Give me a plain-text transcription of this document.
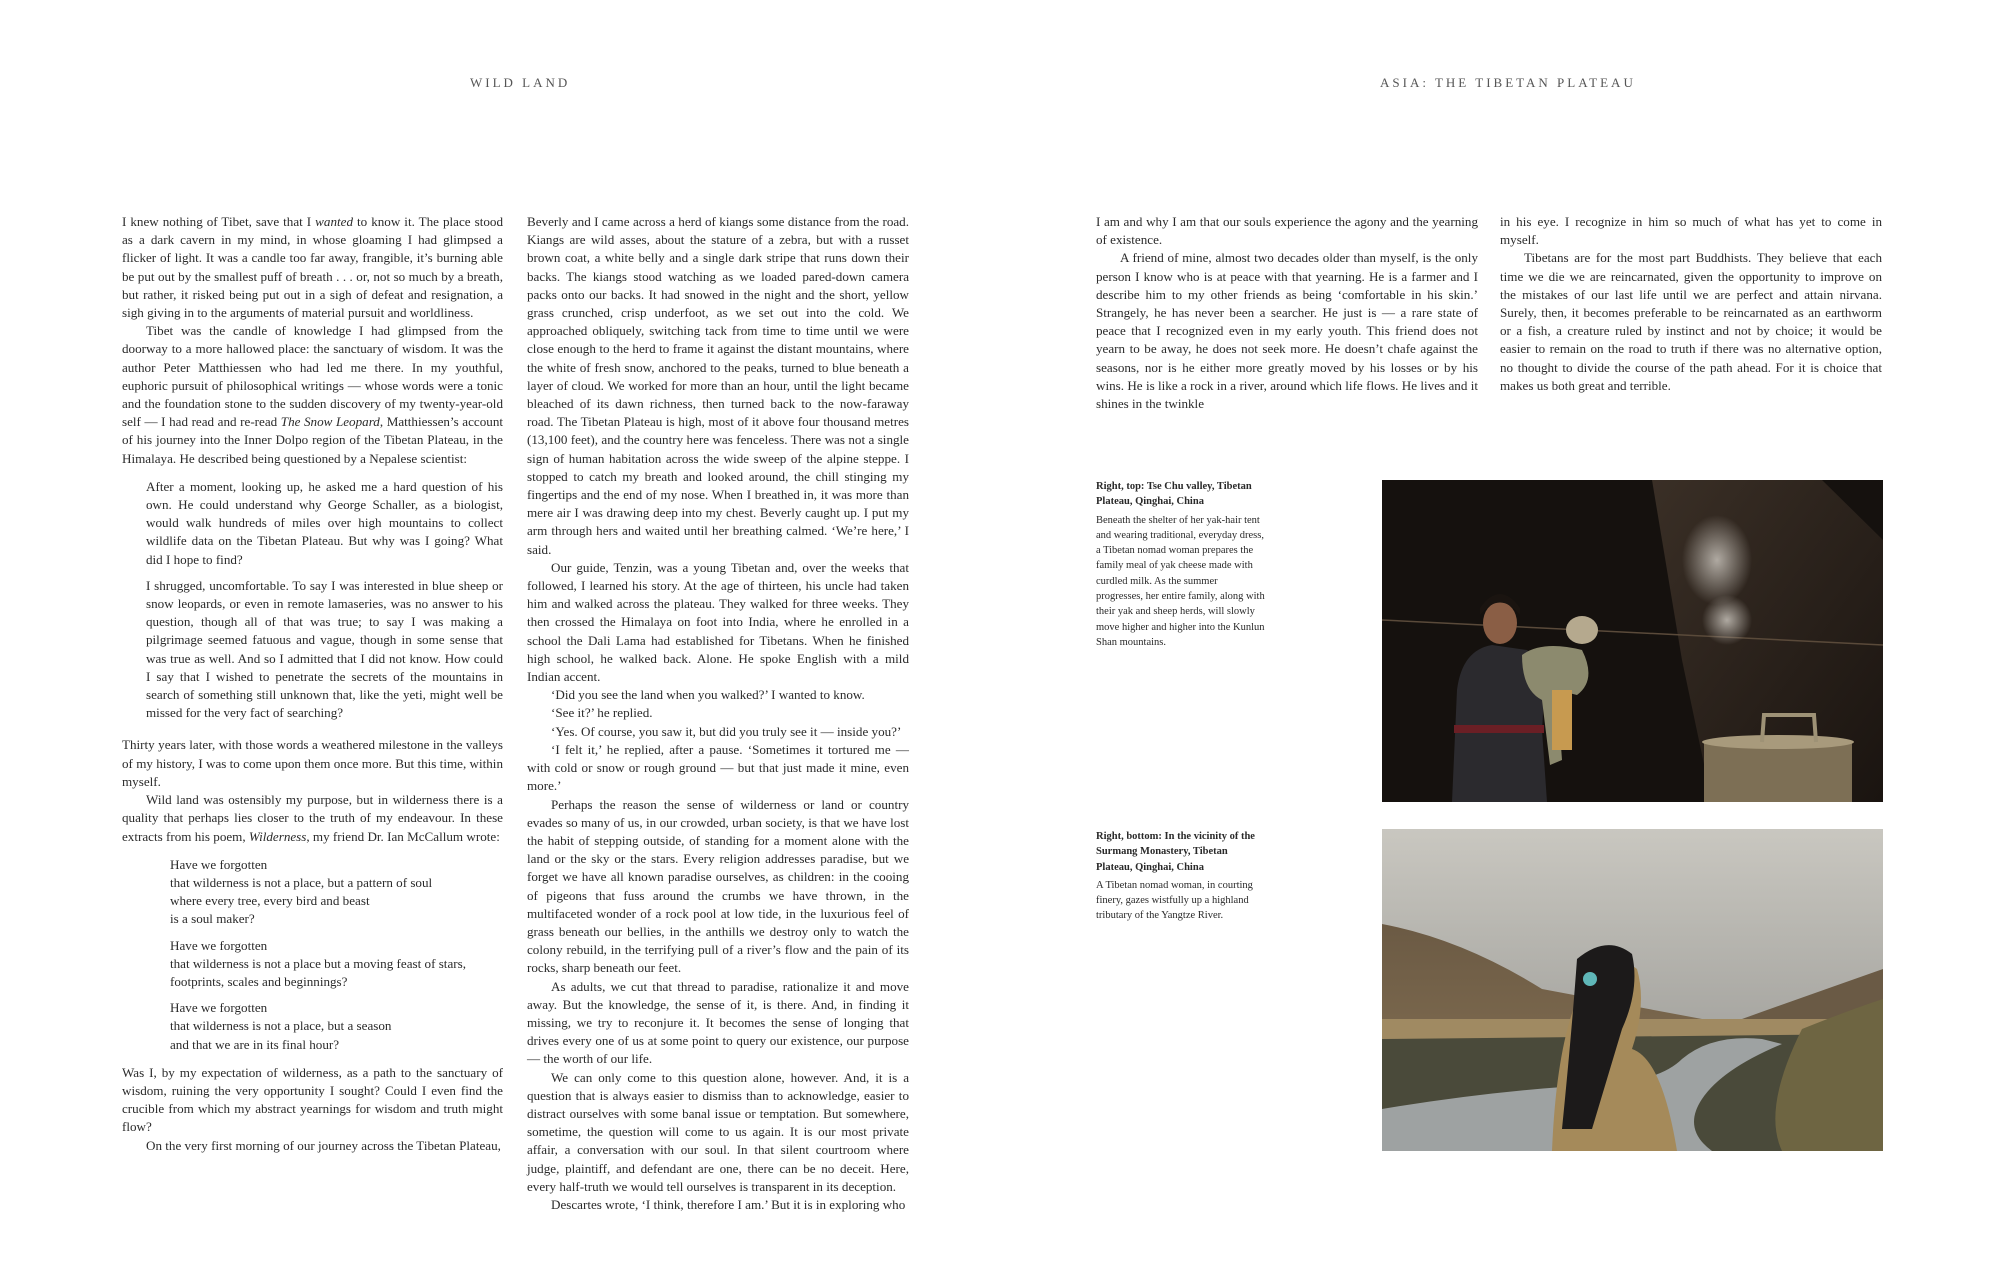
WILD LAND	ASIA: THE TIBETAN PLATEAU

I knew nothing of Tibet, save that I wanted to know it. The place stood as a dark cavern in my mind, in whose gloaming I had glimpsed a flicker of light. It was a candle too far away, frangible, it’s burning able be put out by the smallest puff of breath . . . or, not so much by a breath, but rather, it risked being put out in a sigh of defeat and resignation, a sigh giving in to the arguments of material pursuit and worldliness.

Tibet was the candle of knowledge I had glimpsed from the doorway to a more hallowed place: the sanctuary of wisdom. It was the author Peter Matthiessen who had led me there. In my youthful, euphoric pursuit of philosophical writings — whose words were a tonic and the foundation stone to the sudden discovery of my twenty-year-old self — I had read and re-read The Snow Leopard, Matthiessen’s account of his journey into the Inner Dolpo region of the Tibetan Plateau, in the Himalaya. He described being questioned by a Nepalese scientist:

After a moment, looking up, he asked me a hard question of his own. He could understand why George Schaller, as a biologist, would walk hundreds of miles over high mountains to collect wildlife data on the Tibetan Plateau. But why was I going? What did I hope to find?

I shrugged, uncomfortable. To say I was interested in blue sheep or snow leopards, or even in remote lamaseries, was no answer to his question, though all of that was true; to say I was making a pilgrimage seemed fatuous and vague, though in some sense that was true as well. And so I admitted that I did not know. How could I say that I wished to penetrate the secrets of the mountains in search of something still unknown that, like the yeti, might well be missed for the very fact of searching?

Thirty years later, with those words a weathered milestone in the valleys of my history, I was to come upon them once more. But this time, within myself.

Wild land was ostensibly my purpose, but in wilderness there is a quality that perhaps lies closer to the truth of my endeavour. In these extracts from his poem, Wilderness, my friend Dr. Ian McCallum wrote:

Have we forgotten
that wilderness is not a place, but a pattern of soul
where every tree, every bird and beast
is a soul maker?
Have we forgotten
that wilderness is not a place but a moving feast of stars,
footprints, scales and beginnings?
Have we forgotten
that wilderness is not a place, but a season
and that we are in its final hour?

Was I, by my expectation of wilderness, as a path to the sanctuary of wisdom, ruining the very opportunity I sought? Could I even find the crucible from which my abstract yearnings for wisdom and truth might flow?

On the very first morning of our journey across the Tibetan Plateau,

Beverly and I came across a herd of kiangs some distance from the road. Kiangs are wild asses, about the stature of a zebra, but with a russet brown coat, a white belly and a single dark stripe that runs down their backs. The kiangs stood watching as we loaded pared-down camera packs onto our backs. It had snowed in the night and the short, yellow grass crunched, crisp underfoot, as we set out into the cold. We approached obliquely, switching tack from time to time until we were close enough to the herd to frame it against the distant mountains, where the white of fresh snow, anchored to the peaks, turned to blue beneath a layer of cloud. We worked for more than an hour, until the light became bleached of its dawn richness, then turned back to the now-faraway road. The Tibetan Plateau is high, most of it above four thousand metres (13,100 feet), and the country here was fenceless. There was not a single sign of human habitation across the wide sweep of the alpine steppe. I stopped to catch my breath and looked around, the chill stinging my fingertips and the end of my nose. When I breathed in, it was more than mere air I was drawing deep into my chest. Beverly caught up. I put my arm through hers and waited until her breathing calmed. ‘We’re here,’ I said.

Our guide, Tenzin, was a young Tibetan and, over the weeks that followed, I learned his story. At the age of thirteen, his uncle had taken him and walked across the plateau. They walked for three weeks. They then crossed the Himalaya on foot into India, where he enrolled in a school the Dali Lama had established for Tibetans. When he finished high school, he walked back. Alone. He spoke English with a mild Indian accent.

‘Did you see the land when you walked?’ I wanted to know.

‘See it?’ he replied.

‘Yes. Of course, you saw it, but did you truly see it — inside you?’

‘I felt it,’ he replied, after a pause. ‘Sometimes it tortured me — with cold or snow or rough ground — but that just made it mine, even more.’

Perhaps the reason the sense of wilderness or land or country evades so many of us, in our crowded, urban society, is that we have lost the habit of stepping outside, of standing for a moment alone with the land or the sky or the stars. Every religion addresses paradise, but we forget we have all known paradise ourselves, as children: in the cooing of pigeons that fuss around the crumbs we have thrown, in the multifaceted wonder of a rock pool at low tide, in the luxurious feel of grass beneath our bellies, in the anthills we destroy only to watch the colony rebuild, in the terrifying pull of a river’s flow and the pain of its rocks, sharp beneath our feet.

As adults, we cut that thread to paradise, rationalize it and move away. But the knowledge, the sense of it, is there. And, in finding it missing, we try to reconjure it. It becomes the sense of longing that drives every one of us at some point to query our existence, our purpose — the worth of our life.

We can only come to this question alone, however. And, it is a question that is always easier to dismiss than to acknowledge, easier to distract ourselves with some banal issue or temptation. But somewhere, sometime, the question will come to us again. It is our most private affair, a conversation with our soul. In that silent courtroom where judge, plaintiff, and defendant are one, there can be no deceit. Here, every half-truth we would tell ourselves is transparent in its deception.

Descartes wrote, ‘I think, therefore I am.’ But it is in exploring who

I am and why I am that our souls experience the agony and the yearning of existence.

A friend of mine, almost two decades older than myself, is the only person I know who is at peace with that yearning. He is a farmer and I describe him to my other friends as being ‘comfortable in his skin.’ Strangely, he has never been a searcher. He just is — a rare state of peace that I recognized even in my early youth. This friend does not yearn to be away, he does not seek more. He doesn’t chafe against the seasons, nor is he either more greatly moved by his losses or by his wins. He is like a rock in a river, around which life flows. He lives and it shines in the twinkle

in his eye. I recognize in him so much of what has yet to come in myself.

Tibetans are for the most part Buddhists. They believe that each time we die we are reincarnated, given the opportunity to improve on the mistakes of our last life until we are perfect and attain nirvana. Surely, then, it becomes preferable to be reincarnated as an earthworm or a fish, a creature ruled by instinct and not by choice; it would be easier to remain on the road to truth if there was no alternative option, no thought to divide the course of the path ahead. For it is choice that makes us both great and terrible.

Right, top: Tse Chu valley, Tibetan Plateau, Qinghai, China
Beneath the shelter of her yak-hair tent and wearing traditional, everyday dress, a Tibetan nomad woman prepares the family meal of yak cheese made with curdled milk. As the summer progresses, her entire family, along with their yak and sheep herds, will slowly move higher and higher into the Kunlun Shan mountains.
Right, bottom: In the vicinity of the Surmang Monastery, Tibetan Plateau, Qinghai, China
A Tibetan nomad woman, in courting finery, gazes wistfully up a highland tributary of the Yangtze River.
